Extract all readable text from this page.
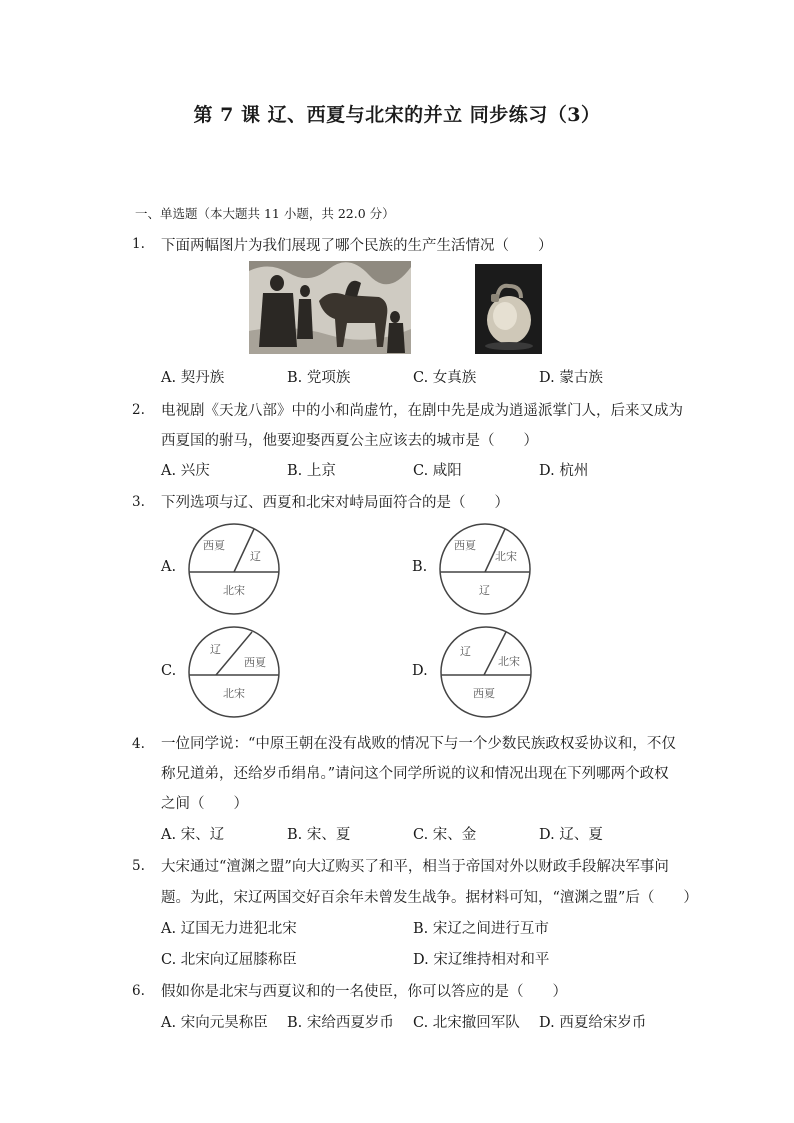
第 7 课 辽、西夏与北宋的并立 同步练习（3）
一、单选题（本大题共 11 小题，共 22.0 分）
1. 下面两幅图片为我们展现了哪个民族的生产生活情况（　　）
A. 契丹族	B. 党项族	C. 女真族	D. 蒙古族
2. 电视剧《天龙八部》中的小和尚虚竹，在剧中先是成为逍遥派掌门人，后来又成为
西夏国的驸马，他要迎娶西夏公主应该去的城市是（　　）
A. 兴庆	B. 上京	C. 咸阳	D. 杭州
3. 下列选项与辽、西夏和北宋对峙局面符合的是（　　）
A.
西夏
辽
北宋
B.
西夏
北宋
辽
C.
辽
西夏
北宋
D.
辽
北宋
西夏
4. 一位同学说：“中原王朝在没有战败的情况下与一个少数民族政权妥协议和，不仅
称兄道弟，还给岁币绢帛。”请问这个同学所说的议和情况出现在下列哪两个政权
之间（　　）
A. 宋、辽	B. 宋、夏	C. 宋、金	D. 辽、夏
5. 大宋通过“澶渊之盟”向大辽购买了和平，相当于帝国对外以财政手段解决军事问
题。为此，宋辽两国交好百余年未曾发生战争。据材料可知，“澶渊之盟”后（　　）
A. 辽国无力进犯北宋	B. 宋辽之间进行互市
C. 北宋向辽屈膝称臣	D. 宋辽维持相对和平
6. 假如你是北宋与西夏议和的一名使臣，你可以答应的是（　　）
A. 宋向元昊称臣 B. 宋给西夏岁币 C. 北宋撤回军队 D. 西夏给宋岁币
